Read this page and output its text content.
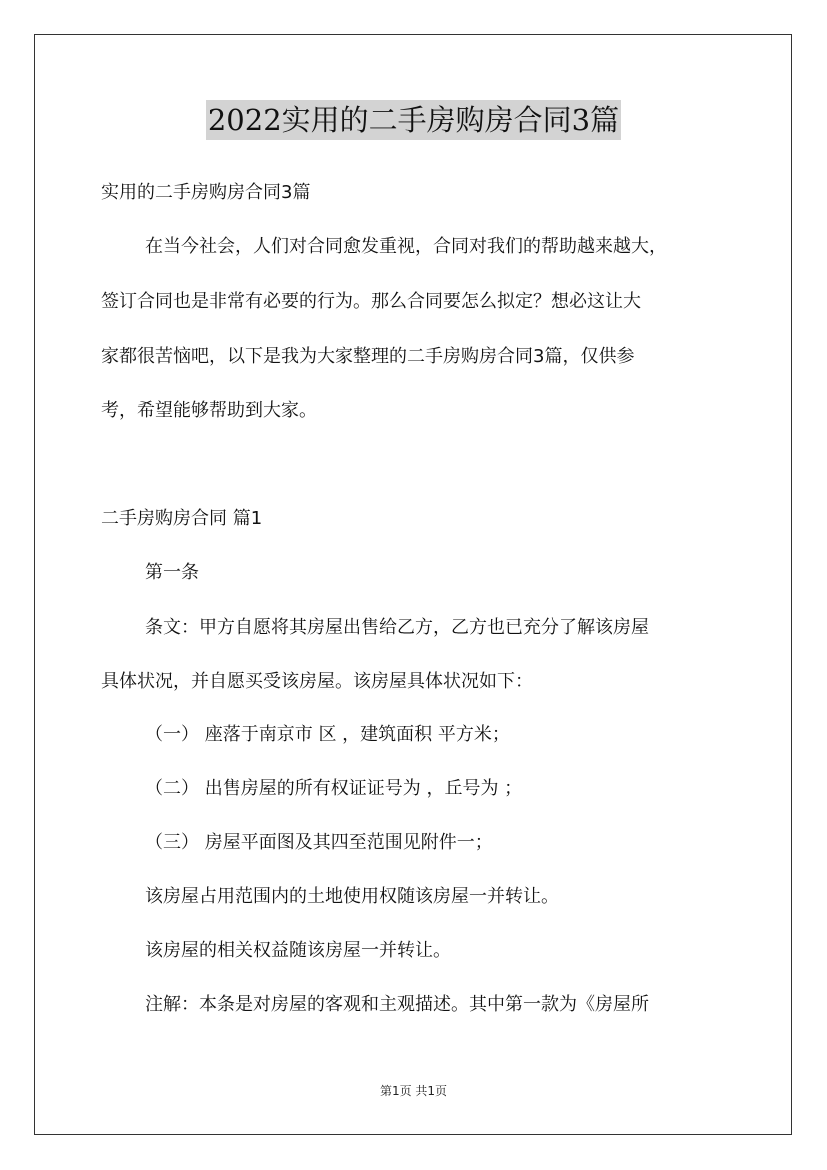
2022实用的二手房购房合同3篇
实用的二手房购房合同3篇
在当今社会，人们对合同愈发重视，合同对我们的帮助越来越大，
签订合同也是非常有必要的行为。那么合同要怎么拟定？想必这让大
家都很苦恼吧，以下是我为大家整理的二手房购房合同3篇，仅供参
考，希望能够帮助到大家。
二手房购房合同 篇1
第一条
条文：甲方自愿将其房屋出售给乙方，乙方也已充分了解该房屋
具体状况，并自愿买受该房屋。该房屋具体状况如下：
（一） 座落于南京市 区 ，建筑面积 平方米；
（二） 出售房屋的所有权证证号为 ，丘号为 ；
（三） 房屋平面图及其四至范围见附件一；
该房屋占用范围内的土地使用权随该房屋一并转让。
该房屋的相关权益随该房屋一并转让。
注解：本条是对房屋的客观和主观描述。其中第一款为《房屋所
第1页 共1页
